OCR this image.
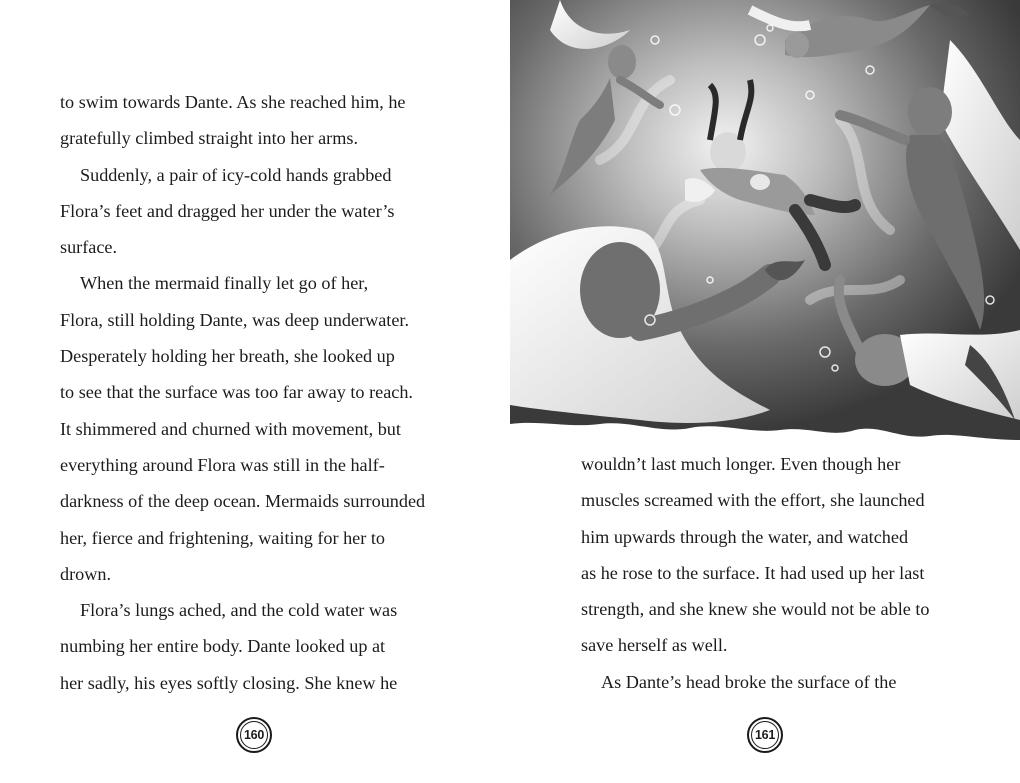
to swim towards Dante. As she reached him, he
gratefully climbed straight into her arms.
Suddenly, a pair of icy-cold hands grabbed
Flora’s feet and dragged her under the water’s
surface.
When the mermaid finally let go of her,
Flora, still holding Dante, was deep underwater.
Desperately holding her breath, she looked up
to see that the surface was too far away to reach.
It shimmered and churned with movement, but
everything around Flora was still in the half-
darkness of the deep ocean. Mermaids surrounded
her, fierce and frightening, waiting for her to
drown.
Flora’s lungs ached, and the cold water was
numbing her entire body. Dante looked up at
her sadly, his eyes softly closing. She knew he
160
wouldn’t last much longer. Even though her
muscles screamed with the effort, she launched
him upwards through the water, and watched
as he rose to the surface. It had used up her last
strength, and she knew she would not be able to
save herself as well.
As Dante’s head broke the surface of the
161
